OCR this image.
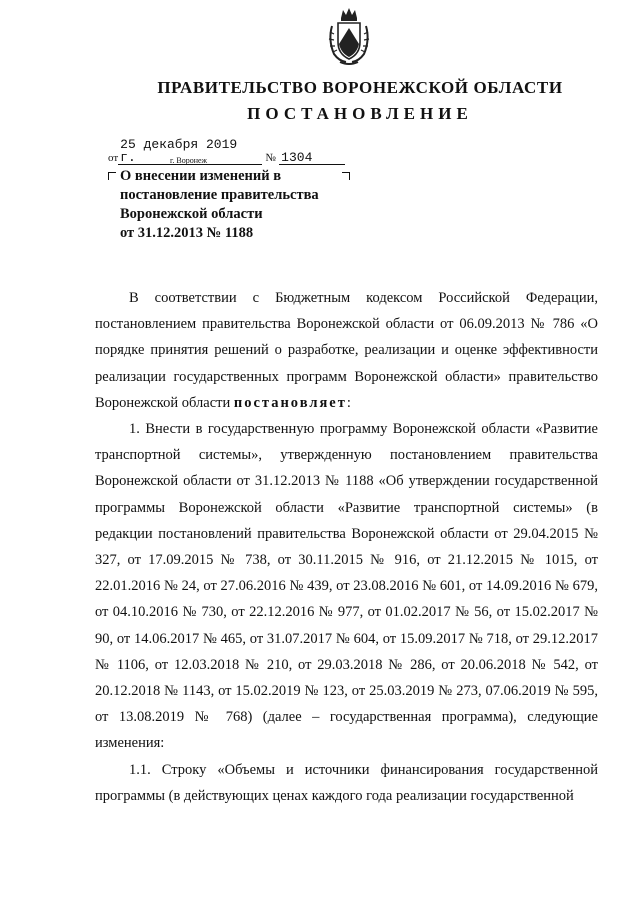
ПРАВИТЕЛЬСТВО ВОРОНЕЖСКОЙ ОБЛАСТИ
ПОСТАНОВЛЕНИЕ
от25 декабря 2019 г.	№ 1304
г. Воронеж
О внесении изменений в
постановление правительства
Воронежской области
от 31.12.2013 № 1188

В соответствии с Бюджетным кодексом Российской Федерации, постановлением правительства Воронежской области от 06.09.2013 № 786 «О порядке принятия решений о разработке, реализации и оценке эффективности реализации государственных программ Воронежской области» правительство Воронежской области постановляет:

1. Внести в государственную программу Воронежской области «Развитие транспортной системы», утвержденную постановлением правительства Воронежской области от 31.12.2013 № 1188 «Об утверждении государственной программы Воронежской области «Развитие транспортной системы» (в редакции постановлений правительства Воронежской области от 29.04.2015 № 327, от 17.09.2015 № 738, от 30.11.2015 № 916, от 21.12.2015 № 1015, от 22.01.2016 № 24, от 27.06.2016 № 439, от 23.08.2016 № 601, от 14.09.2016 № 679, от 04.10.2016 № 730, от 22.12.2016 № 977, от 01.02.2017 № 56, от 15.02.2017 № 90, от 14.06.2017 № 465, от 31.07.2017 № 604, от 15.09.2017 № 718, от 29.12.2017 № 1106, от 12.03.2018 № 210, от 29.03.2018 № 286, от 20.06.2018 № 542, от 20.12.2018 № 1143, от 15.02.2019 № 123, от 25.03.2019 № 273, 07.06.2019 № 595, от 13.08.2019 № 768) (далее – государственная программа), следующие изменения:

1.1. Строку «Объемы и источники финансирования государственной программы (в действующих ценах каждого года реализации государственной
